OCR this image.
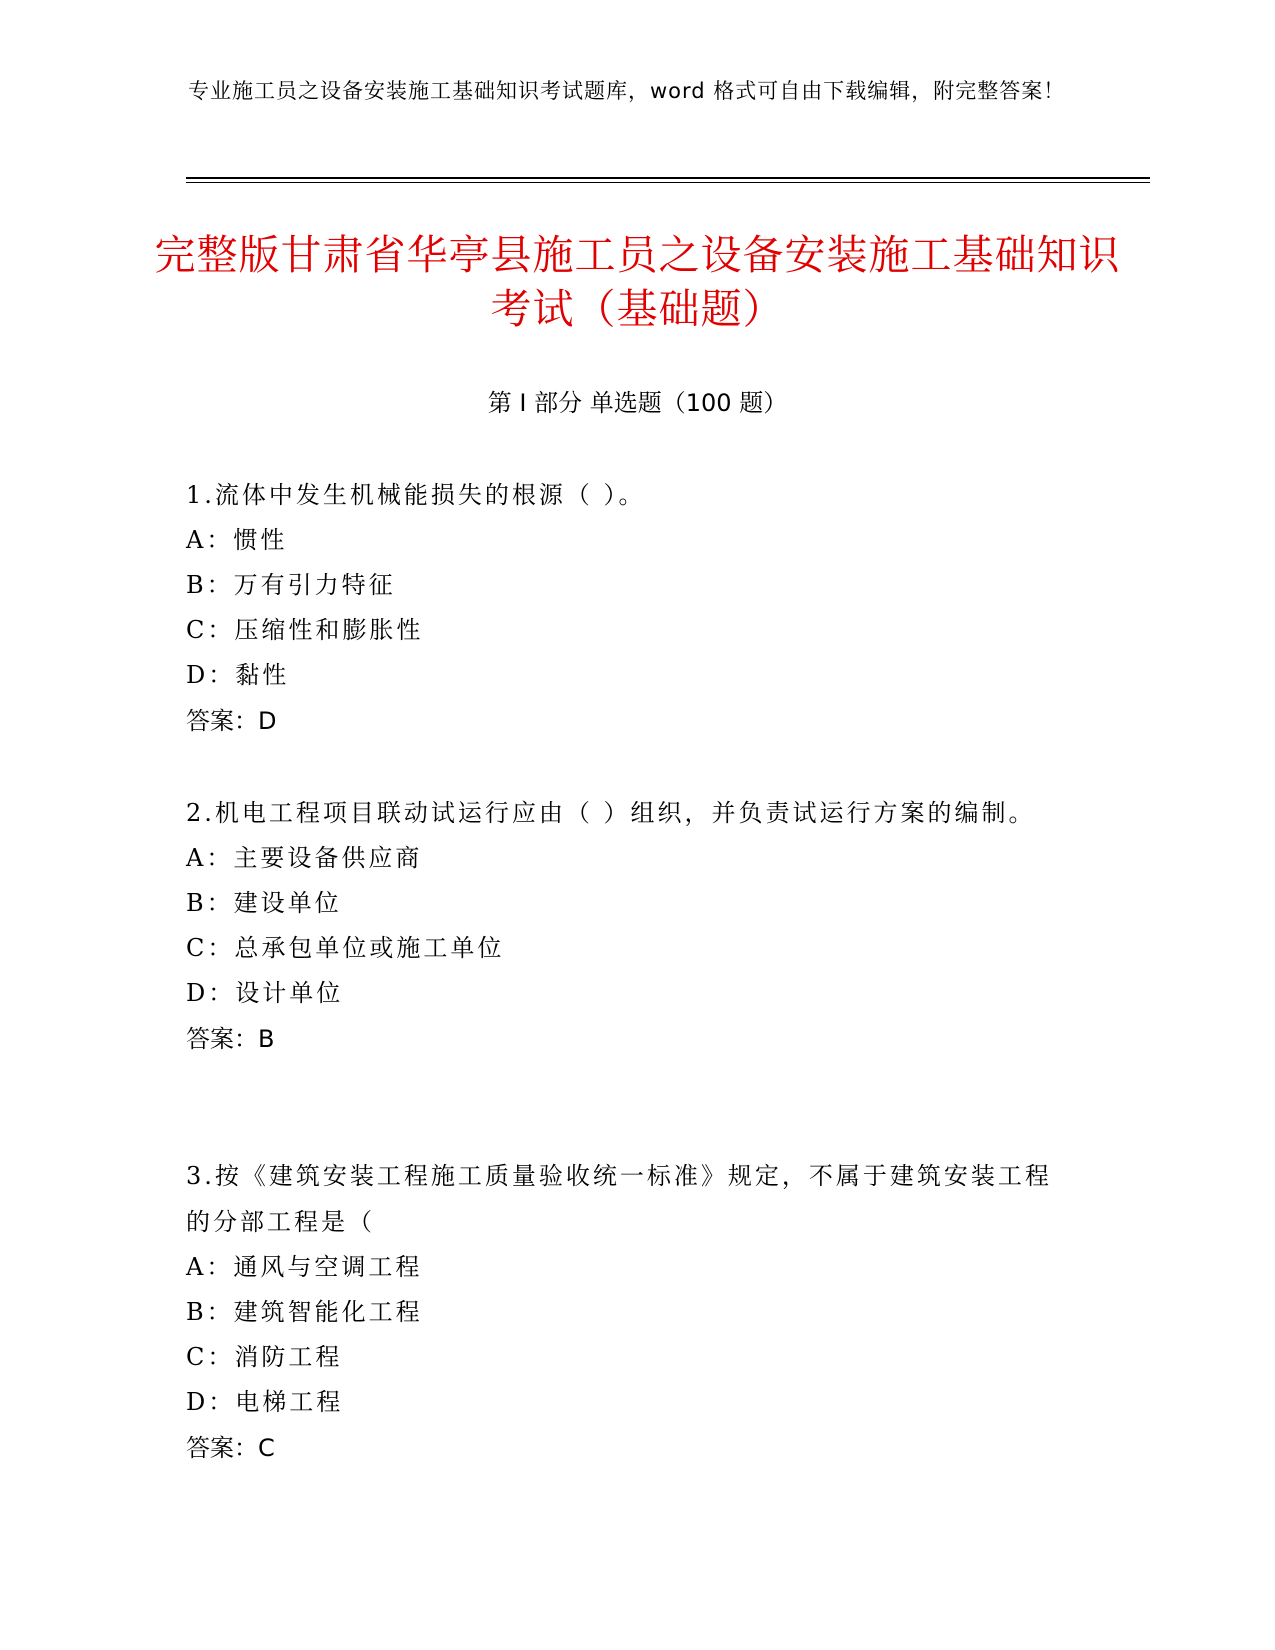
专业施工员之设备安装施工基础知识考试题库，word 格式可自由下载编辑，附完整答案！
完整版甘肃省华亭县施工员之设备安装施工基础知识考试（基础题）
第 I 部分 单选题（100 题）

1.流体中发生机械能损失的根源（ ）。

A：惯性

B：万有引力特征

C：压缩性和膨胀性

D：黏性

答案：D

2.机电工程项目联动试运行应由（ ）组织，并负责试运行方案的编制。

A：主要设备供应商

B：建设单位

C：总承包单位或施工单位

D：设计单位

答案：B

3.按《建筑安装工程施工质量验收统一标准》规定，不属于建筑安装工程的分部工程是（

A：通风与空调工程

B：建筑智能化工程

C：消防工程

D：电梯工程

答案：C
